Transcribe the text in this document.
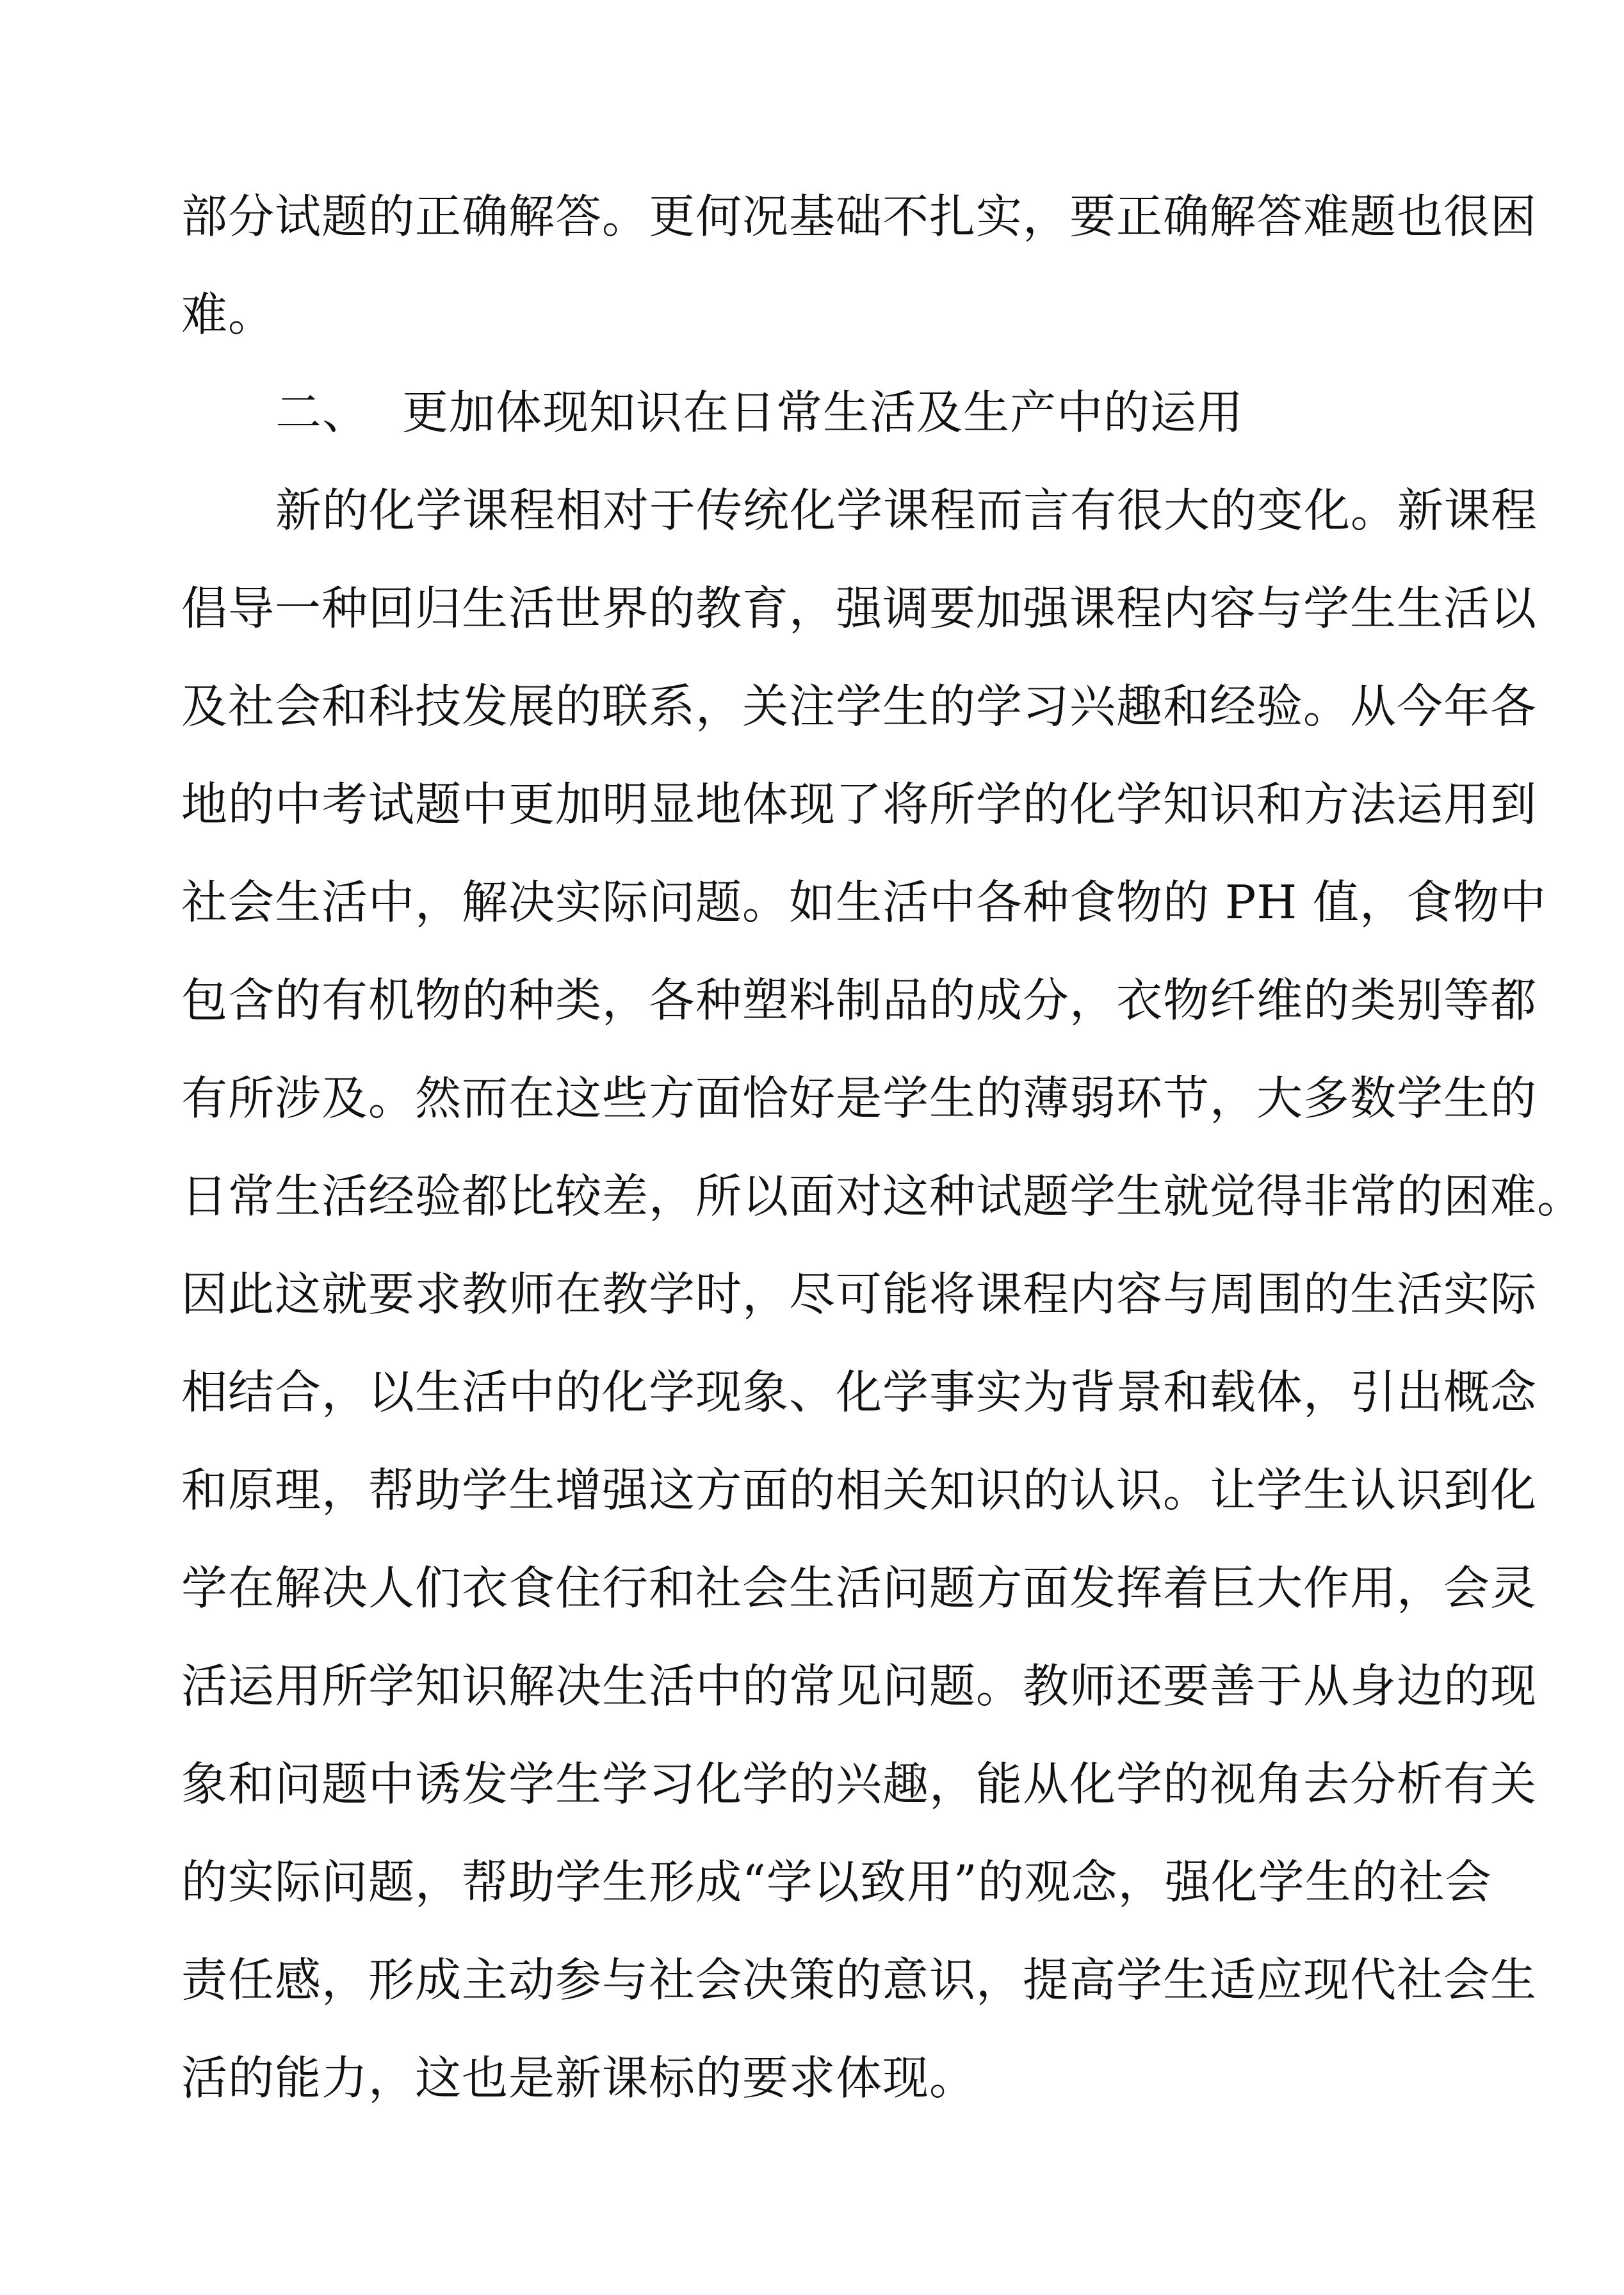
部分试题的正确解答。更何况基础不扎实，要正确解答难题也很困
难。
二、 更加体现知识在日常生活及生产中的运用
新的化学课程相对于传统化学课程而言有很大的变化。新课程
倡导一种回归生活世界的教育，强调要加强课程内容与学生生活以
及社会和科技发展的联系，关注学生的学习兴趣和经验。从今年各
地的中考试题中更加明显地体现了将所学的化学知识和方法运用到
社会生活中，解决实际问题。如生活中各种食物的 PH 值，食物中
包含的有机物的种类，各种塑料制品的成分，衣物纤维的类别等都
有所涉及。然而在这些方面恰好是学生的薄弱环节，大多数学生的
日常生活经验都比较差，所以面对这种试题学生就觉得非常的困难。
因此这就要求教师在教学时，尽可能将课程内容与周围的生活实际
相结合，以生活中的化学现象、化学事实为背景和载体，引出概念
和原理，帮助学生增强这方面的相关知识的认识。让学生认识到化
学在解决人们衣食住行和社会生活问题方面发挥着巨大作用，会灵
活运用所学知识解决生活中的常见问题。教师还要善于从身边的现
象和问题中诱发学生学习化学的兴趣，能从化学的视角去分析有关
的实际问题，帮助学生形成“学以致用”的观念，强化学生的社会
责任感，形成主动参与社会决策的意识，提高学生适应现代社会生
活的能力，这也是新课标的要求体现。
